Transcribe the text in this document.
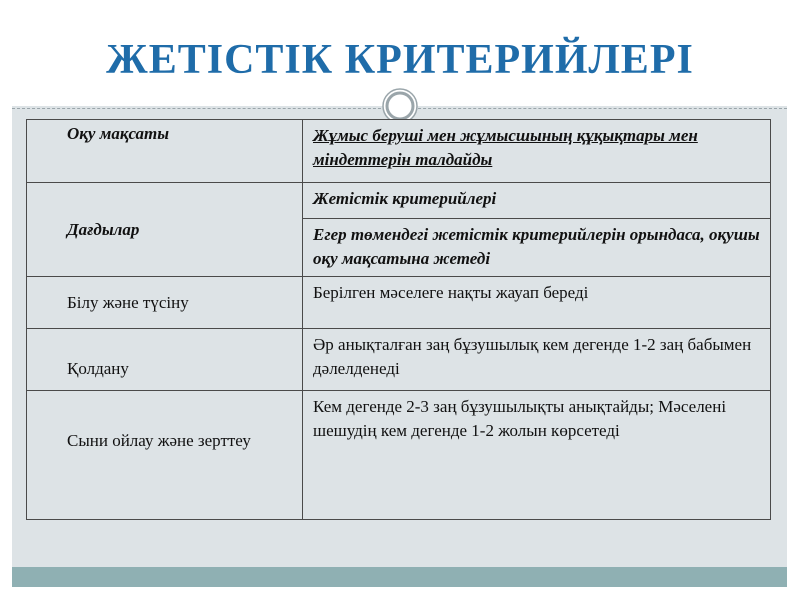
ЖЕТІСТІК КРИТЕРИЙЛЕРІ
Оқу мақсаты	Жұмыс беруші мен жұмысшының құқықтары мен міндеттерін талдайды
Дағдылар	Жетістік критерийлері
	Егер төмендегі жетістік критерийлерін орындаса, оқушы оқу мақсатына жетеді
Білу және түсіну	Берілген мәселеге нақты жауап береді
Қолдану	Әр анықталған заң бұзушылық кем дегенде 1-2 заң бабымен дәлелденеді
Сыни ойлау және зерттеу	Кем дегенде 2-3 заң бұзушылықты анықтайды; Мәселені шешудің кем дегенде 1-2 жолын көрсетеді
